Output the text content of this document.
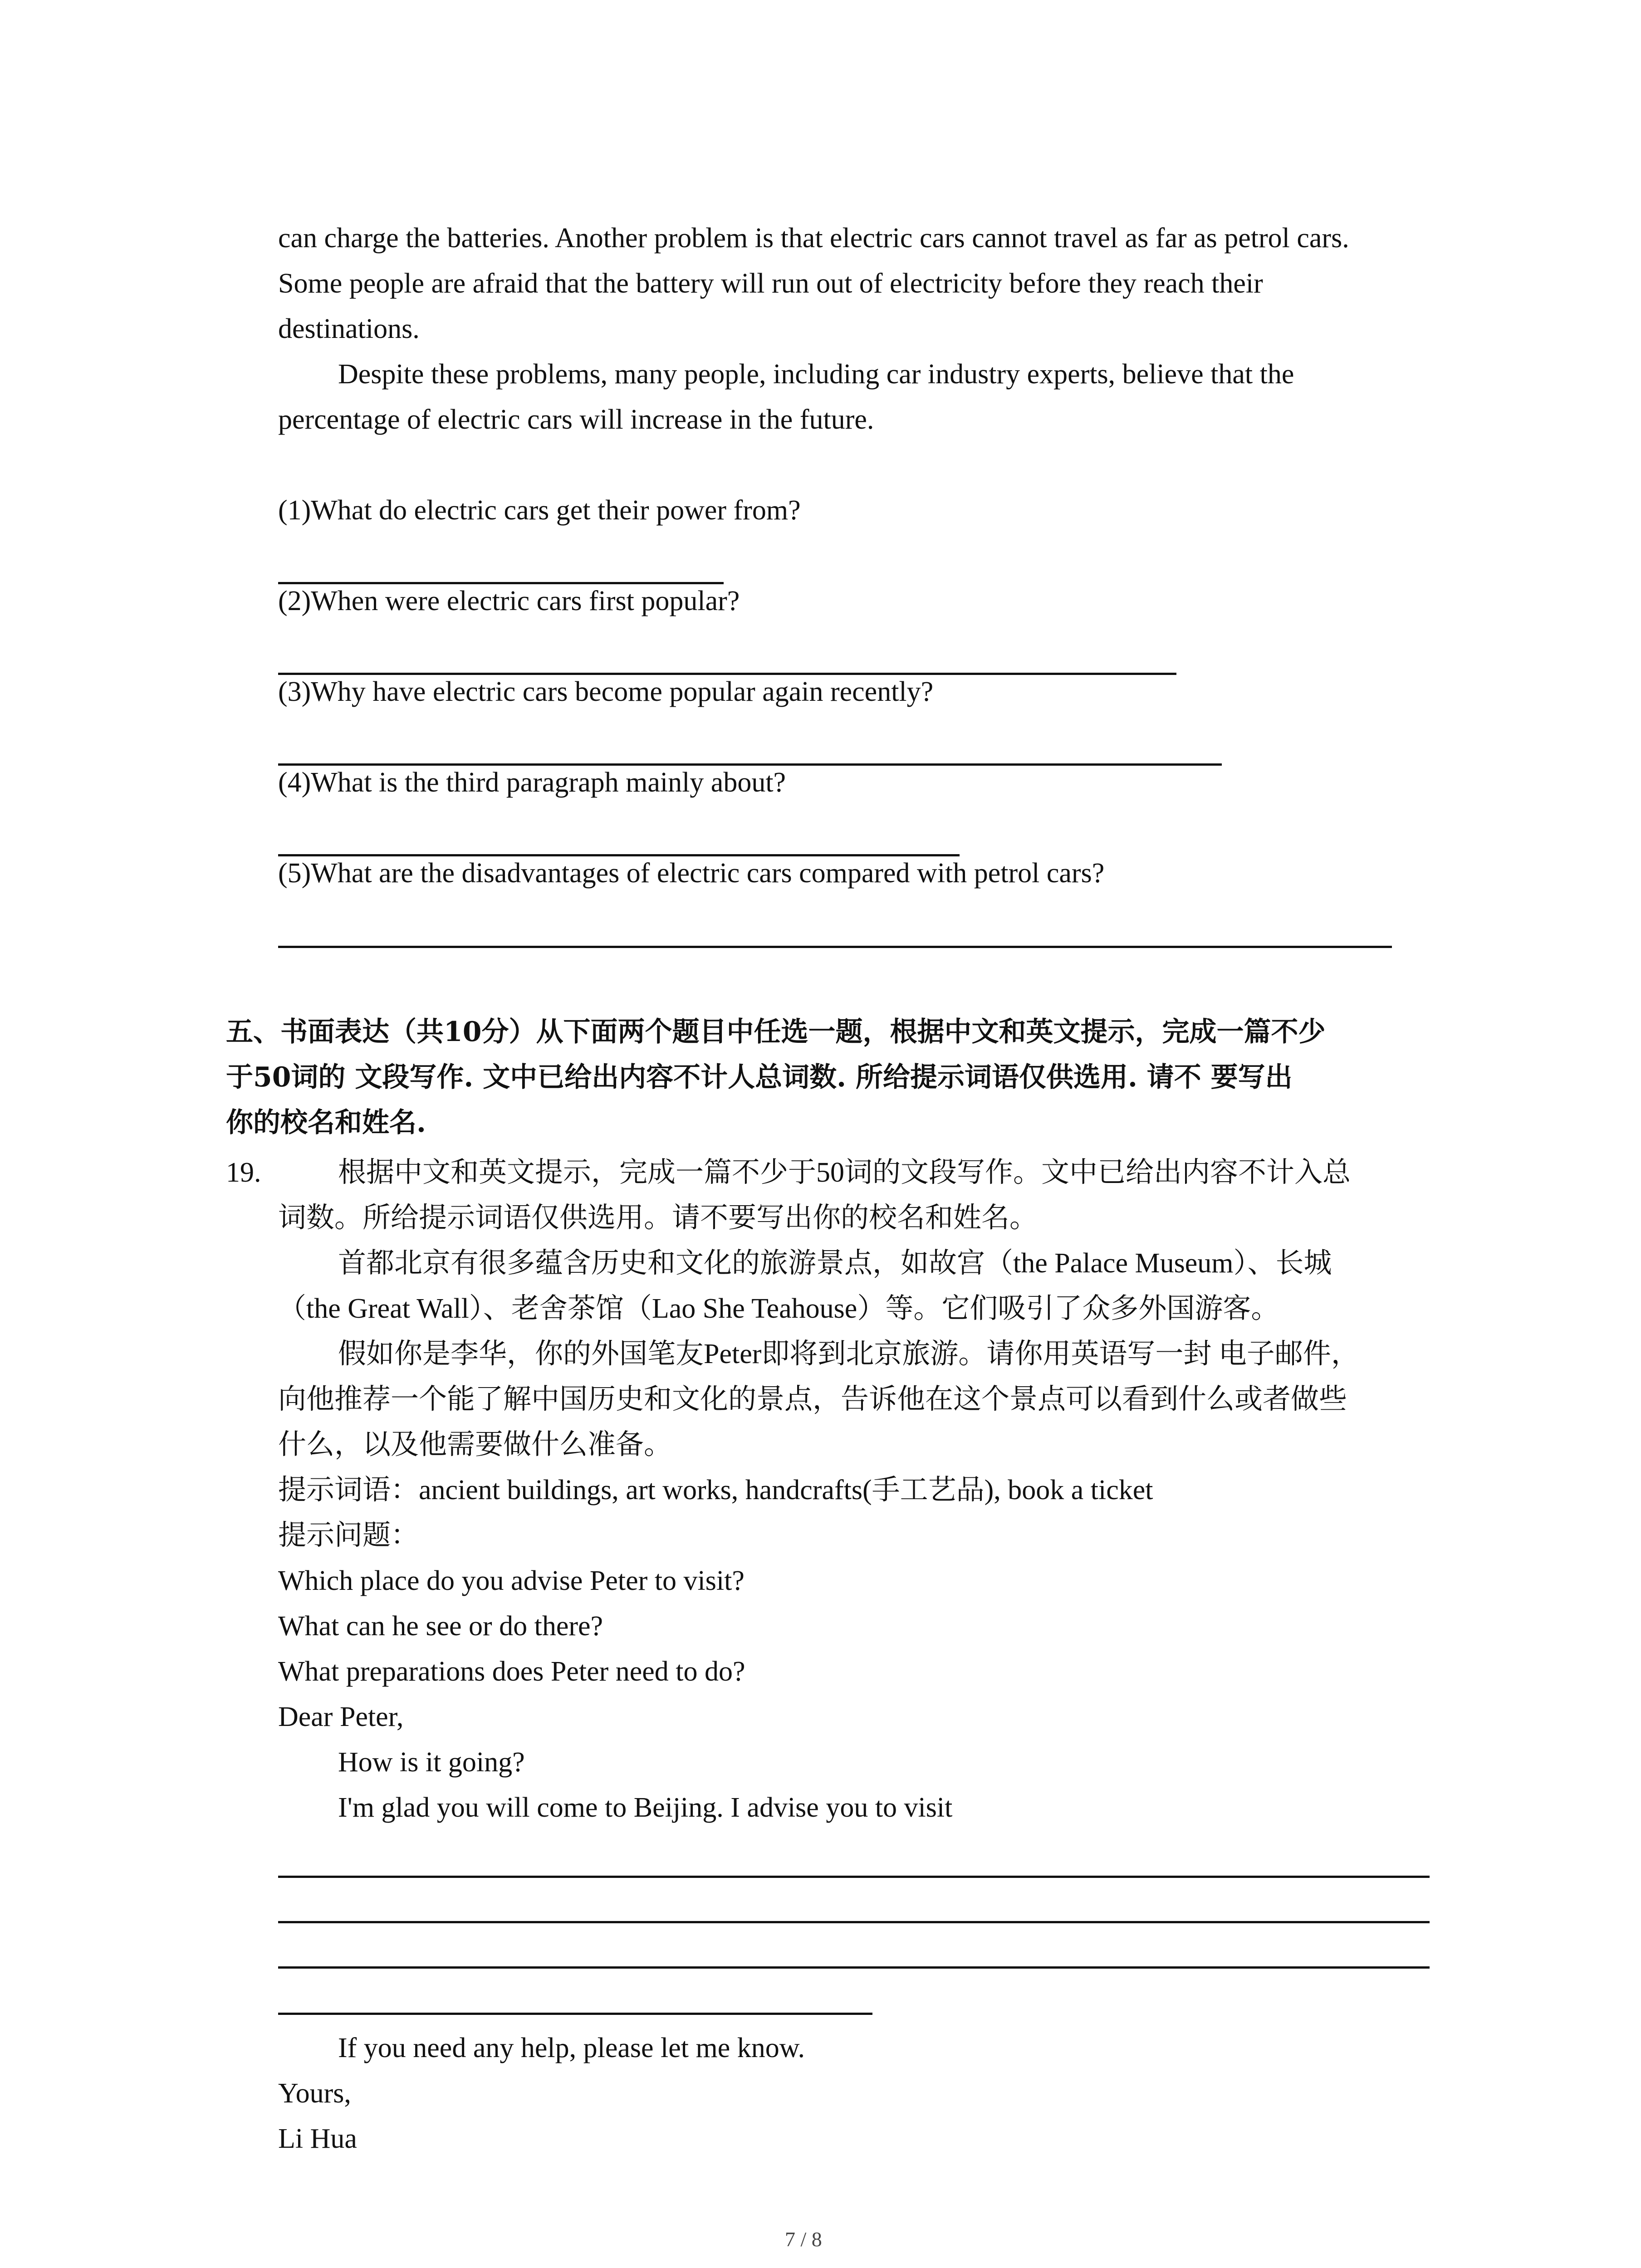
can charge the batteries. Another problem is that electric cars cannot travel as far as petrol cars.
Some people are afraid that the battery will run out of electricity before they reach their
destinations.
Despite these problems, many people, including car industry experts, believe that the
percentage of electric cars will increase in the future.
(1)What do electric cars get their power from?
(2)When were electric cars first popular?
(3)Why have electric cars become popular again recently?
(4)What is the third paragraph mainly about?
(5)What are the disadvantages of electric cars compared with petrol cars?
五、书面表达（共10分）从下面两个题目中任选一题，根据中文和英文提示，完成一篇不少
于50词的 文段写作. 文中已给出内容不计人总词数. 所给提示词语仅供选用. 请不 要写出
你的校名和姓名.
19.	根据中文和英文提示，完成一篇不少于50词的文段写作。文中已给出内容不计入总
词数。所给提示词语仅供选用。请不要写出你的校名和姓名。
首都北京有很多蕴含历史和文化的旅游景点，如故宫（the Palace Museum）、长城
（the Great Wall）、老舍茶馆（Lao She Teahouse）等。它们吸引了众多外国游客。
假如你是李华，你的外国笔友Peter即将到北京旅游。请你用英语写一封 电子邮件，
向他推荐一个能了解中国历史和文化的景点，告诉他在这个景点可以看到什么或者做些
什么，以及他需要做什么准备。
提示词语：ancient buildings, art works, handcrafts(手工艺品), book a ticket
提示问题：
Which place do you advise Peter to visit?
What can he see or do there?
What preparations does Peter need to do?
Dear Peter,
How is it going?
I'm glad you will come to Beijing. I advise you to visit
If you need any help, please let me know.
Yours,
Li Hua
7 / 8
